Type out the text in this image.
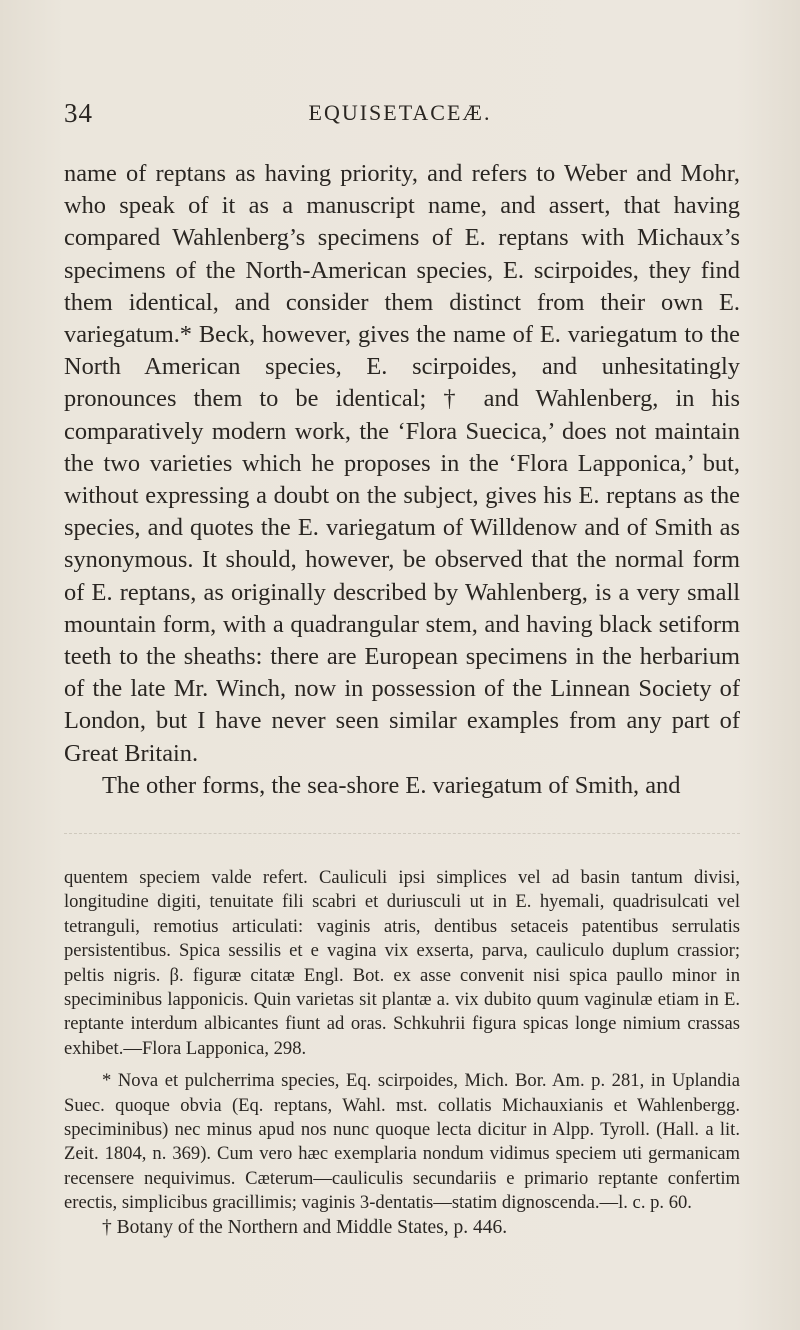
34	EQUISETACEÆ.

name of reptans as having priority, and refers to Weber and Mohr, who speak of it as a manuscript name, and assert, that having compared Wahlenberg’s specimens of E. reptans with Michaux’s specimens of the North-American species, E. scirpoides, they find them identical, and consider them distinct from their own E. variegatum.* Beck, however, gives the name of E. variegatum to the North American species, E. scirpoides, and unhesitatingly pronounces them to be identical; † and Wahlenberg, in his comparatively modern work, the ‘Flora Suecica,’ does not maintain the two varieties which he proposes in the ‘Flora Lapponica,’ but, without expressing a doubt on the subject, gives his E. reptans as the species, and quotes the E. variegatum of Willdenow and of Smith as synonymous. It should, however, be observed that the normal form of E. reptans, as originally described by Wahlenberg, is a very small mountain form, with a quadrangular stem, and having black setiform teeth to the sheaths: there are European specimens in the herbarium of the late Mr. Winch, now in possession of the Linnean Society of London, but I have never seen similar examples from any part of Great Britain.

The other forms, the sea-shore E. variegatum of Smith, and

quentem speciem valde refert. Cauliculi ipsi simplices vel ad basin tantum divisi, longitudine digiti, tenuitate fili scabri et duriusculi ut in E. hyemali, quadrisulcati vel tetranguli, remotius articulati: vaginis atris, dentibus setaceis patentibus serrulatis persistentibus. Spica sessilis et e vagina vix exserta, parva, cauliculo duplum crassior; peltis nigris. β. figuræ citatæ Engl. Bot. ex asse convenit nisi spica paullo minor in speciminibus lapponicis. Quin varietas sit plantæ a. vix dubito quum vaginulæ etiam in E. reptante interdum albicantes fiunt ad oras. Schkuhrii figura spicas longe nimium crassas exhibet.—Flora Lapponica, 298.

* Nova et pulcherrima species, Eq. scirpoides, Mich. Bor. Am. p. 281, in Uplandia Suec. quoque obvia (Eq. reptans, Wahl. mst. collatis Michauxianis et Wahlenbergg. speciminibus) nec minus apud nos nunc quoque lecta dicitur in Alpp. Tyroll. (Hall. a lit. Zeit. 1804, n. 369). Cum vero hæc exemplaria nondum vidimus speciem uti germanicam recensere nequivimus. Cæterum—cauliculis secundariis e primario reptante confertim erectis, simplicibus gracillimis; vaginis 3-dentatis—statim dignoscenda.—l. c. p. 60.

† Botany of the Northern and Middle States, p. 446.
